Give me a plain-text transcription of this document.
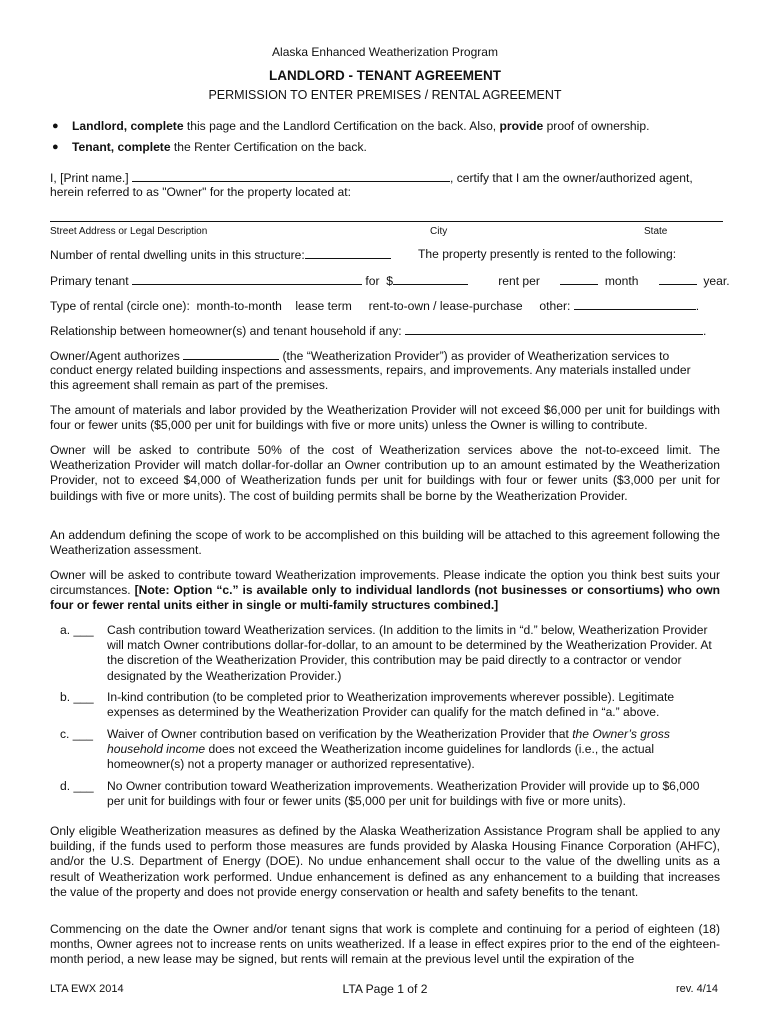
Alaska Enhanced Weatherization Program
LANDLORD - TENANT AGREEMENT
PERMISSION TO ENTER PREMISES / RENTAL AGREEMENT
● Landlord, complete this page and the Landlord Certification on the back. Also, provide proof of ownership.
● Tenant, complete the Renter Certification on the back.
I, [Print name.]	, certify that I am the owner/authorized agent,
herein referred to as "Owner" for the property located at:
Street Address or Legal Description	City	State
Number of rental dwelling units in this structure:	The property presently is rented to the following:
Primary tenant	for $	rent per	month	year.
Type of rental (circle one): month-to-month lease term rent-to-own / lease-purchase other:	.
Relationship between homeowner(s) and tenant household if any:	.
Owner/Agent authorizes	(the “Weatherization Provider”) as provider of Weatherization services to
conduct energy related building inspections and assessments, repairs, and improvements. Any materials installed under
this agreement shall remain as part of the premises.
The amount of materials and labor provided by the Weatherization Provider will not exceed $6,000 per unit for buildings with four or fewer units ($5,000 per unit for buildings with five or more units) unless the Owner is willing to contribute.
Owner will be asked to contribute 50% of the cost of Weatherization services above the not-to-exceed limit. The Weatherization Provider will match dollar-for-dollar an Owner contribution up to an amount estimated by the Weatherization Provider, not to exceed $4,000 of Weatherization funds per unit for buildings with four or fewer units ($3,000 per unit for buildings with five or more units). The cost of building permits shall be borne by the Weatherization Provider.
An addendum defining the scope of work to be accomplished on this building will be attached to this agreement following the Weatherization assessment.
Owner will be asked to contribute toward Weatherization improvements. Please indicate the option you think best suits your circumstances. [Note: Option “c.” is available only to individual landlords (not businesses or consortiums) who own four or fewer rental units either in single or multi-family structures combined.]
a. ___	Cash contribution toward Weatherization services. (In addition to the limits in “d.” below, Weatherization Provider will match Owner contributions dollar-for-dollar, to an amount to be determined by the Weatherization Provider. At the discretion of the Weatherization Provider, this contribution may be paid directly to a contractor or vendor designated by the Weatherization Provider.)
b. ___	In-kind contribution (to be completed prior to Weatherization improvements wherever possible). Legitimate expenses as determined by the Weatherization Provider can qualify for the match defined in “a.” above.
c. ___	Waiver of Owner contribution based on verification by the Weatherization Provider that the Owner’s gross household income does not exceed the Weatherization income guidelines for landlords (i.e., the actual homeowner(s) not a property manager or authorized representative).
d. ___	No Owner contribution toward Weatherization improvements. Weatherization Provider will provide up to $6,000 per unit for buildings with four or fewer units ($5,000 per unit for buildings with five or more units).
Only eligible Weatherization measures as defined by the Alaska Weatherization Assistance Program shall be applied to any building, if the funds used to perform those measures are funds provided by Alaska Housing Finance Corporation (AHFC), and/or the U.S. Department of Energy (DOE). No undue enhancement shall occur to the value of the dwelling units as a result of Weatherization work performed. Undue enhancement is defined as any enhancement to a building that increases the value of the property and does not provide energy conservation or health and safety benefits to the tenant.
Commencing on the date the Owner and/or tenant signs that work is complete and continuing for a period of eighteen (18) months, Owner agrees not to increase rents on units weatherized. If a lease in effect expires prior to the end of the eighteen-month period, a new lease may be signed, but rents will remain at the previous level until the expiration of the
LTA EWX 2014	LTA Page 1 of 2	rev. 4/14
